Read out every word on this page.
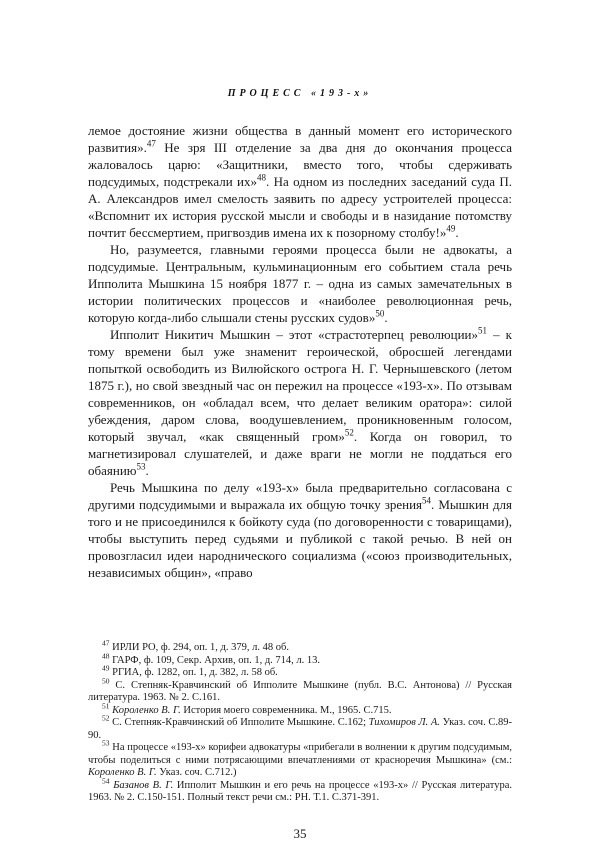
ПРОЦЕСС «193-х»

лемое достояние жизни общества в данный момент его исторического развития».$^{47}$ Не зря III отделение за два дня до окончания процесса жаловалось царю: «Защитники, вместо того, чтобы сдерживать подсудимых, подстрекали их»$^{48}$. На одном из последних заседаний суда П. А. Александров имел смелость заявить по адресу устроителей процесса: «Вспомнит их история русской мысли и свободы и в назидание потомству почтит бессмертием, пригвоздив имена их к позорному столбу!»$^{49}$.

Но, разумеется, главными героями процесса были не адвокаты, а подсудимые. Центральным, кульминационным его событием стала речь Ипполита Мышкина 15 ноября 1877 г. – одна из самых замечательных в истории политических процессов и «наиболее революционная речь, которую когда-либо слышали стены русских судов»$^{50}$.

Ипполит Никитич Мышкин – этот «страстотерпец революции»$^{51}$ – к тому времени был уже знаменит героической, обросшей легендами попыткой освободить из Вилюйского острога Н. Г. Чернышевского (летом 1875 г.), но свой звездный час он пережил на процессе «193-х». По отзывам современников, он «обладал всем, что делает великим оратора»: силой убеждения, даром слова, воодушевлением, проникновенным голосом, который звучал, «как священный гром»$^{52}$. Когда он говорил, то магнетизировал слушателей, и даже враги не могли не поддаться его обаянию$^{53}$.

Речь Мышкина по делу «193-х» была предварительно согласована с другими подсудимыми и выражала их общую точку зрения$^{54}$. Мышкин для того и не присоединился к бойкоту суда (по договоренности с товарищами), чтобы выступить перед судьями и публикой с такой речью. В ней он провозгласил идеи народнического социализма («союз производительных, независимых общин», «право

$^{47}$ ИРЛИ РО, ф. 294, оп. 1, д. 379, л. 48 об.

$^{48}$ ГАРФ, ф. 109, Секр. Архив, оп. 1, д. 714, л. 13.

$^{49}$ РГИА, ф. 1282, оп. 1, д. 382, л. 58 об.

$^{50}$ С. Степняк-Кравчинский об Ипполите Мышкине (публ. В.С. Антонова) // Русская литература. 1963. № 2. С.161.

$^{51}$ Короленко В. Г. История моего современника. М., 1965. С.715.

$^{52}$ С. Степняк-Кравчинский об Ипполите Мышкине. С.162; Тихомиров Л. А. Указ. соч. С.89-90.

$^{53}$ На процессе «193-х» корифеи адвокатуры «прибегали в волнении к другим подсудимым, чтобы поделиться с ними потрясающими впечатлениями от красноречия Мышкина» (см.: Короленко В. Г. Указ. соч. С.712.)

$^{54}$ Базанов В. Г. Ипполит Мышкин и его речь на процессе «193-х» // Русская литература. 1963. № 2. С.150-151. Полный текст речи см.: РН. Т.1. С.371-391.

35
